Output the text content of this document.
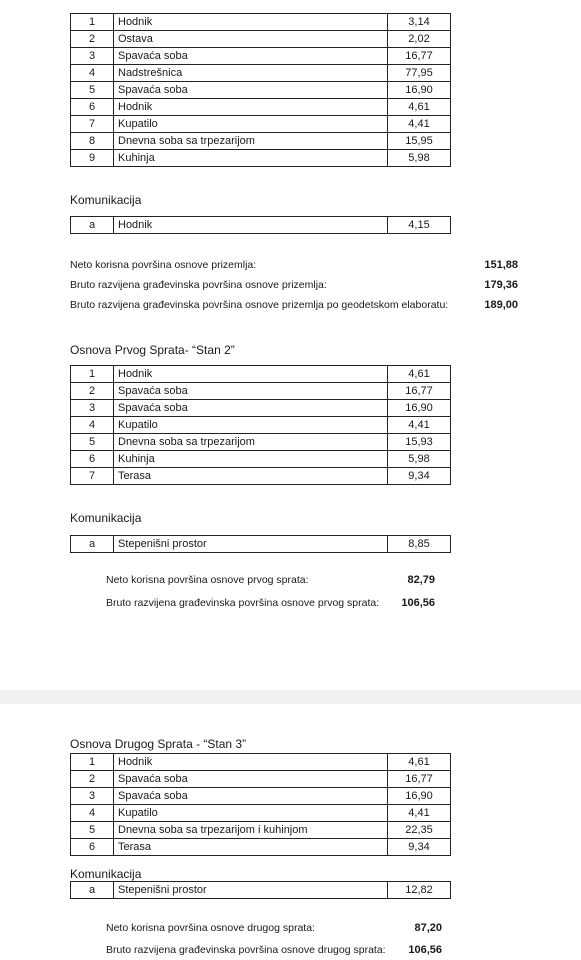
1	Hodnik	3,14
2	Ostava	2,02
3	Spavaća soba	16,77
4	Nadstrešnica	77,95
5	Spavaća soba	16,90
6	Hodnik	4,61
7	Kupatilo	4,41
8	Dnevna soba sa trpezarijom	15,95
9	Kuhinja	5,98
Komunikacija
a	Hodnik	4,15
Neto korisna površina osnove prizemlja:	151,88
Bruto razvijena građevinska površina osnove prizemlja:	179,36
Bruto razvijena građevinska površina osnove prizemlja po geodetskom elaboratu:	189,00
Osnova Prvog Sprata- “Stan 2”
1	Hodnik	4,61
2	Spavaća soba	16,77
3	Spavaća soba	16,90
4	Kupatilo	4,41
5	Dnevna soba sa trpezarijom	15,93
6	Kuhinja	5,98
7	Terasa	9,34
Komunikacija
a	Stepenišni prostor	8,85
Neto korisna površina osnove prvog sprata:	82,79
Bruto razvijena građevinska površina osnove prvog sprata:	106,56
Osnova Drugog Sprata - “Stan 3”
1	Hodnik	4,61
2	Spavaća soba	16,77
3	Spavaća soba	16,90
4	Kupatilo	4,41
5	Dnevna soba sa trpezarijom i kuhinjom	22,35
6	Terasa	9,34
Komunikacija
a	Stepenišni prostor	12,82
Neto korisna površina osnove drugog sprata:	87,20
Bruto razvijena građevinska površina osnove drugog sprata:	106,56
